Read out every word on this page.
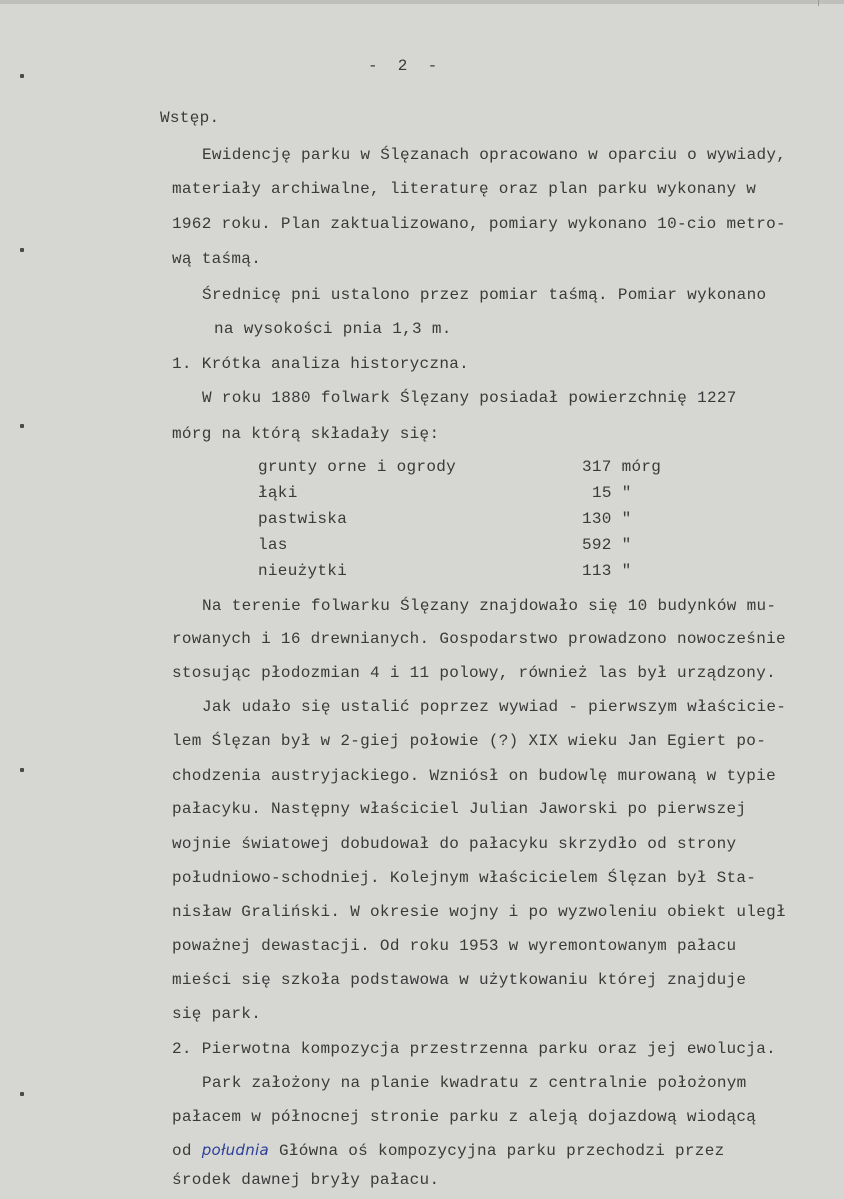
- 2 -
Wstęp.
Ewidencję parku w Ślęzanach opracowano w oparciu o wywiady,
materiały archiwalne, literaturę oraz plan parku wykonany w
1962 roku. Plan zaktualizowano, pomiary wykonano 10-cio metro-
wą taśmą.
Średnicę pni ustalono przez pomiar taśmą. Pomiar wykonano
na wysokości pnia 1,3 m.
1. Krótka analiza historyczna.
W roku 1880 folwark Ślęzany posiadał powierzchnię 1227
mórg na którą składały się:
grunty orne i ogrody	317 mórg
łąki	15 "
pastwiska	130 "
las	592 "
nieużytki	113 "
Na terenie folwarku Ślęzany znajdowało się 10 budynków mu-
rowanych i 16 drewnianych. Gospodarstwo prowadzono nowocześnie
stosując płodozmian 4 i 11 polowy, również las był urządzony.
Jak udało się ustalić poprzez wywiad - pierwszym właściciе-
lem Ślęzan był w 2-giej połowie (?) XIX wieku Jan Egiert po-
chodzenia austryjackiego. Wzniósł on budowlę murowaną w typie
pałacyku. Następny właściciel Julian Jaworski po pierwszej
wojnie światowej dobudował do pałacyku skrzydło od strony
południowo-schodniej. Kolejnym właścicielem Ślęzan był Sta-
nisław Graliński. W okresie wojny i po wyzwoleniu obiekt uległ
poważnej dewastacji. Od roku 1953 w wyremontowanym pałacu
mieści się szkoła podstawowa w użytkowaniu której znajduje
się park.
2. Pierwotna kompozycja przestrzenna parku oraz jej ewolucja.
Park założony na planie kwadratu z centralnie położonym
pałacem w północnej stronie parku z aleją dojazdową wiodącą
od południa Główna oś kompozycyjna parku przechodzi przez
środek dawnej bryły pałacu.
